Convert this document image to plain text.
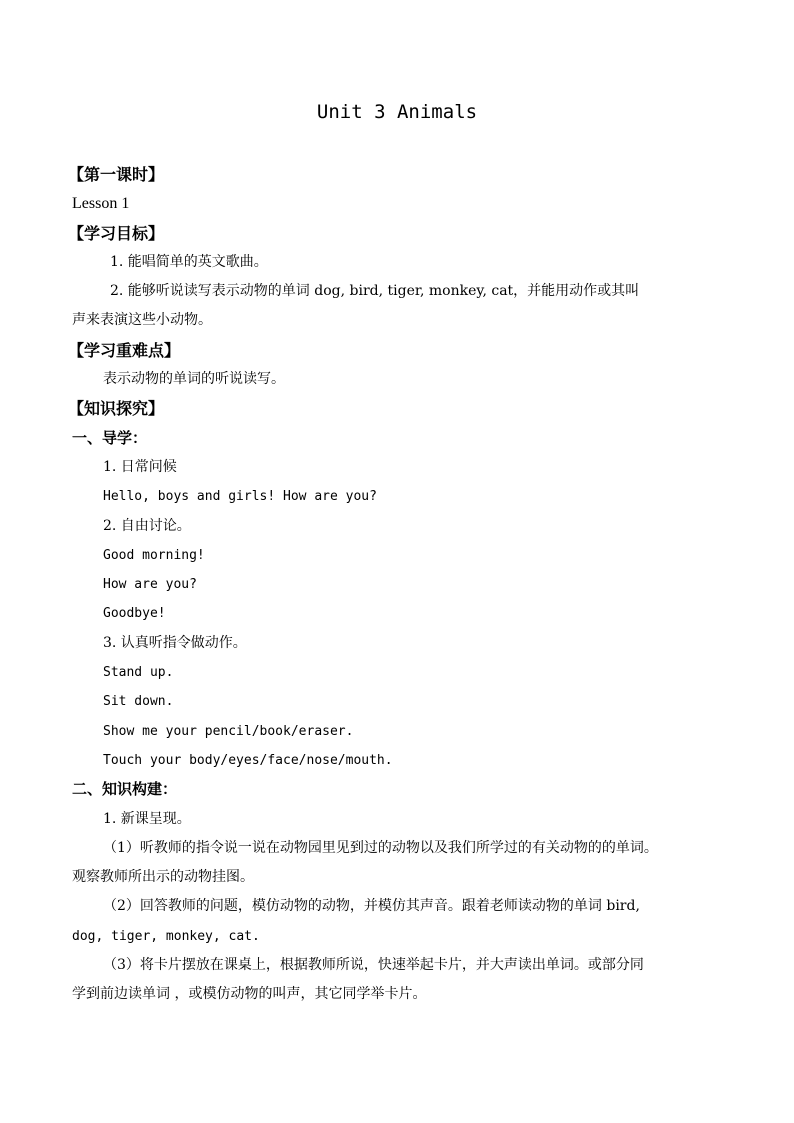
Unit 3 Animals
【第一课时】
Lesson 1
【学习目标】
1. 能唱简单的英文歌曲。
2. 能够听说读写表示动物的单词 dog, bird, tiger, monkey, cat，并能用动作或其叫
声来表演这些小动物。
【学习重难点】
表示动物的单词的听说读写。
【知识探究】
一、导学：
1. 日常问候
Hello, boys and girls! How are you?
2. 自由讨论。
Good morning!
How are you?
Goodbye!
3. 认真听指令做动作。
Stand up.
Sit down.
Show me your pencil/book/eraser.
Touch your body/eyes/face/nose/mouth.
二、知识构建：
1. 新课呈现。
（1）听教师的指令说一说在动物园里见到过的动物以及我们所学过的有关动物的的单词。
观察教师所出示的动物挂图。
（2）回答教师的问题，模仿动物的动物，并模仿其声音。跟着老师读动物的单词 bird,
dog, tiger, monkey, cat.
（3）将卡片摆放在课桌上，根据教师所说，快速举起卡片，并大声读出单词。或部分同
学到前边读单词 ，或模仿动物的叫声，其它同学举卡片。
